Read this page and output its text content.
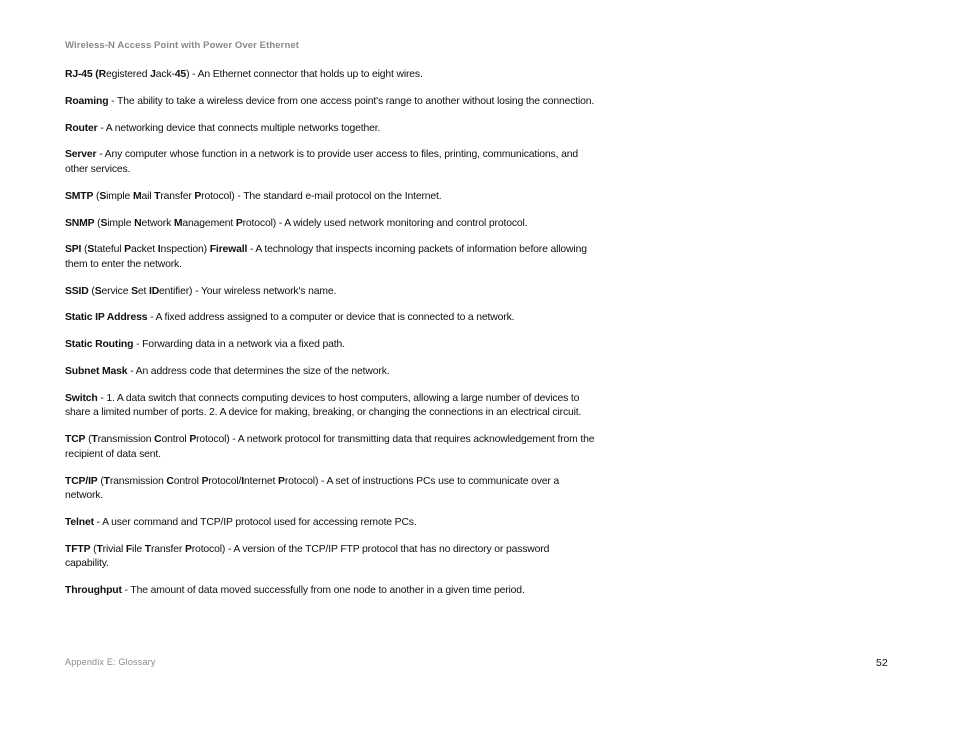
Wireless-N Access Point with Power Over Ethernet

RJ-45 (Registered Jack-45) - An Ethernet connector that holds up to eight wires.

Roaming - The ability to take a wireless device from one access point's range to another without losing the connection.

Router - A networking device that connects multiple networks together.

Server - Any computer whose function in a network is to provide user access to files, printing, communications, and other services.

SMTP (Simple Mail Transfer Protocol) - The standard e-mail protocol on the Internet.

SNMP (Simple Network Management Protocol) - A widely used network monitoring and control protocol.

SPI (Stateful Packet Inspection) Firewall - A technology that inspects incoming packets of information before allowing them to enter the network.

SSID (Service Set IDentifier) - Your wireless network's name.

Static IP Address - A fixed address assigned to a computer or device that is connected to a network.

Static Routing - Forwarding data in a network via a fixed path.

Subnet Mask - An address code that determines the size of the network.

Switch - 1. A data switch that connects computing devices to host computers, allowing a large number of devices to share a limited number of ports. 2. A device for making, breaking, or changing the connections in an electrical circuit.

TCP (Transmission Control Protocol) - A network protocol for transmitting data that requires acknowledgement from the recipient of data sent.

TCP/IP (Transmission Control Protocol/Internet Protocol) - A set of instructions PCs use to communicate over a network.

Telnet - A user command and TCP/IP protocol used for accessing remote PCs.

TFTP (Trivial File Transfer Protocol) - A version of the TCP/IP FTP protocol that has no directory or password capability.

Throughput - The amount of data moved successfully from one node to another in a given time period.

Appendix E: Glossary	52
